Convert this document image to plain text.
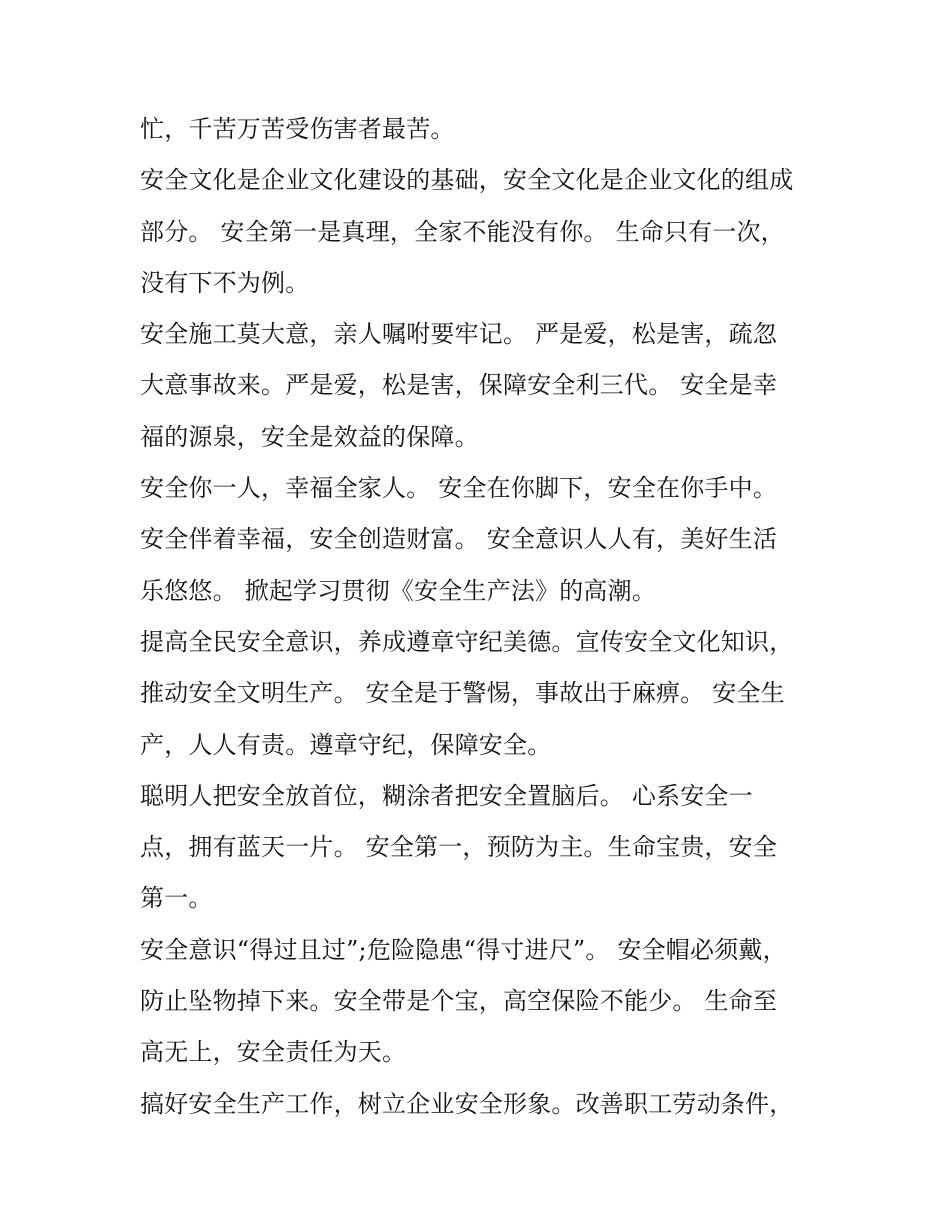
忙，千苦万苦受伤害者最苦。
安全文化是企业文化建设的基础，安全文化是企业文化的组成
部分。 安全第一是真理，全家不能没有你。 生命只有一次，
没有下不为例。
安全施工莫大意，亲人嘱咐要牢记。 严是爱，松是害，疏忽
大意事故来。严是爱，松是害，保障安全利三代。 安全是幸
福的源泉，安全是效益的保障。
安全你一人，幸福全家人。 安全在你脚下，安全在你手中。
安全伴着幸福，安全创造财富。 安全意识人人有，美好生活
乐悠悠。 掀起学习贯彻《安全生产法》的高潮。
提高全民安全意识，养成遵章守纪美德。宣传安全文化知识，
推动安全文明生产。 安全是于警惕，事故出于麻痹。 安全生
产，人人有责。遵章守纪，保障安全。
聪明人把安全放首位，糊涂者把安全置脑后。 心系安全一
点，拥有蓝天一片。 安全第一，预防为主。生命宝贵，安全
第一。
安全意识“得过且过”;危险隐患“得寸进尺”。 安全帽必须戴，
防止坠物掉下来。安全带是个宝，高空保险不能少。 生命至
高无上，安全责任为天。
搞好安全生产工作，树立企业安全形象。改善职工劳动条件，
